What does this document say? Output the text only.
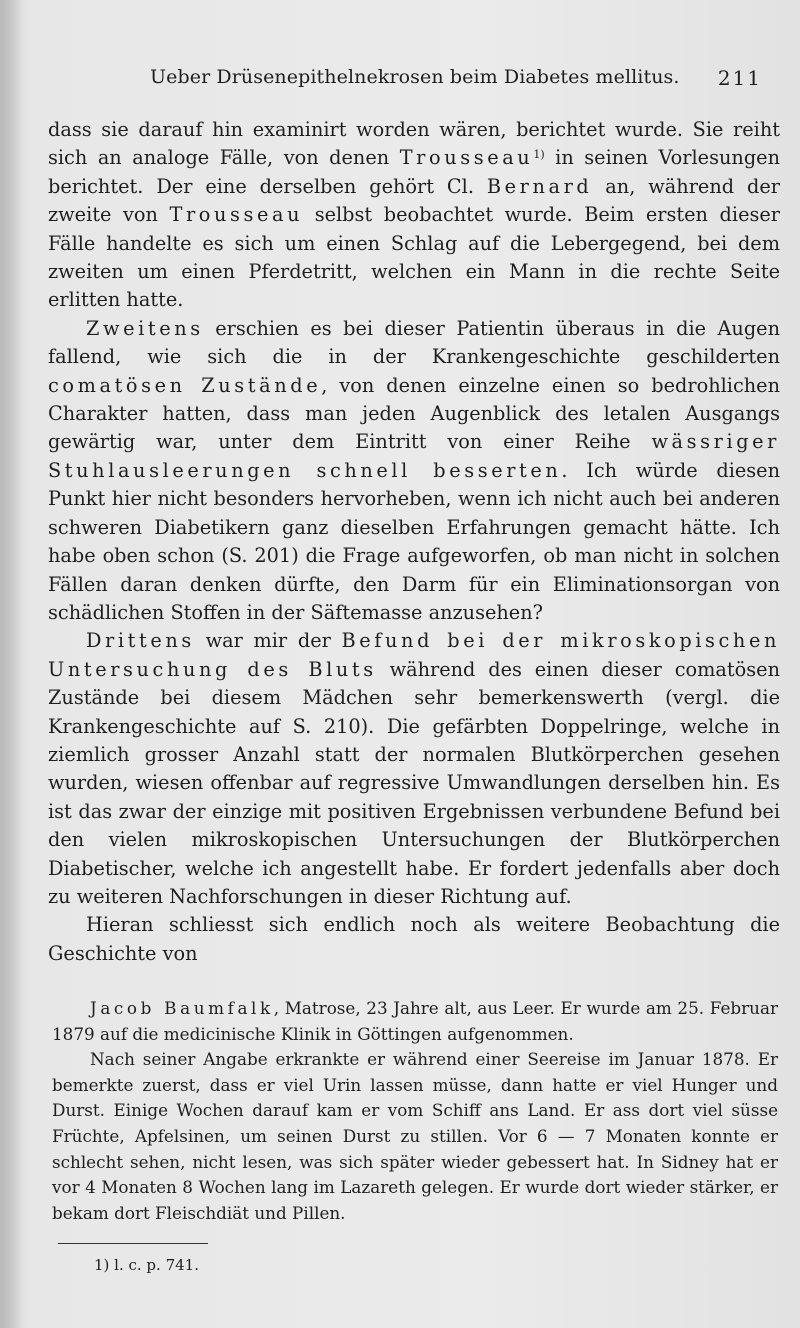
Ueber Drüsenepithelnekrosen beim Diabetes mellitus. 211

dass sie darauf hin examinirt worden wären, berichtet wurde. Sie reiht sich an analoge Fälle, von denen Trousseau$^{1)}$ in seinen Vorlesungen berichtet. Der eine derselben gehört Cl. Bernard an, während der zweite von Trousseau selbst beobachtet wurde. Beim ersten dieser Fälle handelte es sich um einen Schlag auf die Lebergegend, bei dem zweiten um einen Pferdetritt, welchen ein Mann in die rechte Seite erlitten hatte.

Zweitens erschien es bei dieser Patientin überaus in die Augen fallend, wie sich die in der Krankengeschichte geschilderten comatösen Zustände, von denen einzelne einen so bedrohlichen Charakter hatten, dass man jeden Augenblick des letalen Ausgangs gewärtig war, unter dem Eintritt von einer Reihe wässriger Stuhlausleerungen schnell besserten. Ich würde diesen Punkt hier nicht besonders hervorheben, wenn ich nicht auch bei anderen schweren Diabetikern ganz dieselben Erfahrungen gemacht hätte. Ich habe oben schon (S. 201) die Frage aufgeworfen, ob man nicht in solchen Fällen daran denken dürfte, den Darm für ein Eliminationsorgan von schädlichen Stoffen in der Säftemasse anzusehen?

Drittens war mir der Befund bei der mikroskopischen Untersuchung des Bluts während des einen dieser comatösen Zustände bei diesem Mädchen sehr bemerkenswerth (vergl. die Krankengeschichte auf S. 210). Die gefärbten Doppelringe, welche in ziemlich grosser Anzahl statt der normalen Blutkörperchen gesehen wurden, wiesen offenbar auf regressive Umwandlungen derselben hin. Es ist das zwar der einzige mit positiven Ergebnissen verbundene Befund bei den vielen mikroskopischen Untersuchungen der Blutkörperchen Diabetischer, welche ich angestellt habe. Er fordert jedenfalls aber doch zu weiteren Nachforschungen in dieser Richtung auf.

Hieran schliesst sich endlich noch als weitere Beobachtung die Geschichte von

Jacob Baumfalk, Matrose, 23 Jahre alt, aus Leer. Er wurde am 25. Februar 1879 auf die medicinische Klinik in Göttingen aufgenommen.

Nach seiner Angabe erkrankte er während einer Seereise im Januar 1878. Er bemerkte zuerst, dass er viel Urin lassen müsse, dann hatte er viel Hunger und Durst. Einige Wochen darauf kam er vom Schiff ans Land. Er ass dort viel süsse Früchte, Apfelsinen, um seinen Durst zu stillen. Vor 6 — 7 Monaten konnte er schlecht sehen, nicht lesen, was sich später wieder gebessert hat. In Sidney hat er vor 4 Monaten 8 Wochen lang im Lazareth gelegen. Er wurde dort wieder stärker, er bekam dort Fleischdiät und Pillen.

1) l. c. p. 741.
